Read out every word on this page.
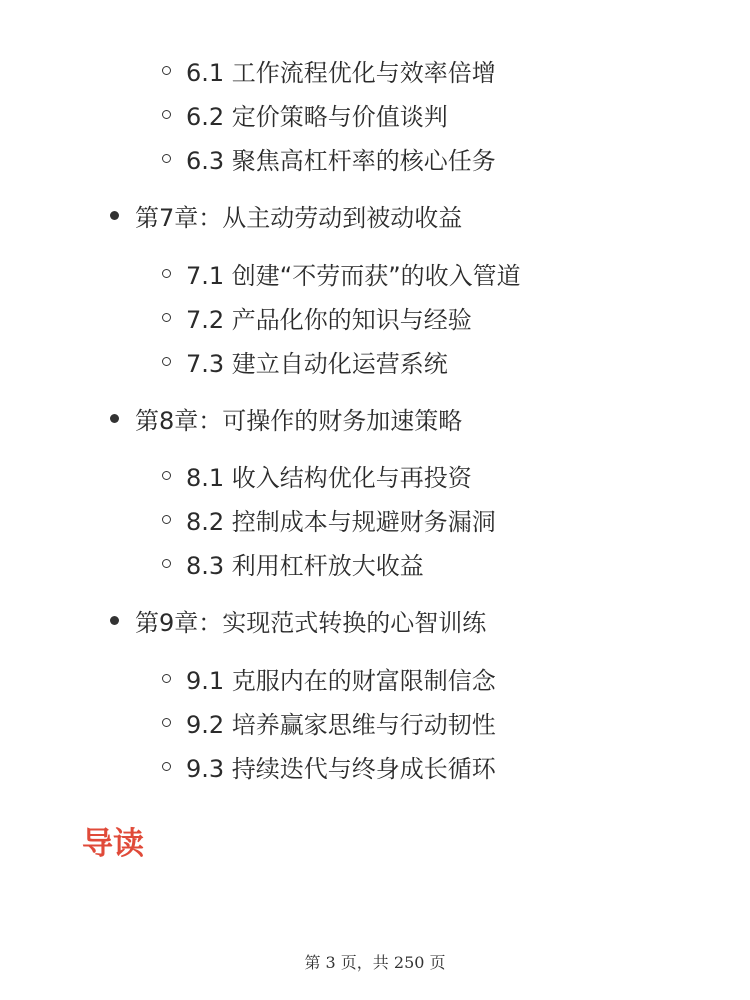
6.1 工作流程优化与效率倍增
6.2 定价策略与价值谈判
6.3 聚焦高杠杆率的核心任务
第7章：从主动劳动到被动收益
7.1 创建“不劳而获”的收入管道
7.2 产品化你的知识与经验
7.3 建立自动化运营系统
第8章：可操作的财务加速策略
8.1 收入结构优化与再投资
8.2 控制成本与规避财务漏洞
8.3 利用杠杆放大收益
第9章：实现范式转换的心智训练
9.1 克服内在的财富限制信念
9.2 培养赢家思维与行动韧性
9.3 持续迭代与终身成长循环
导读
第 3 页，共 250 页
